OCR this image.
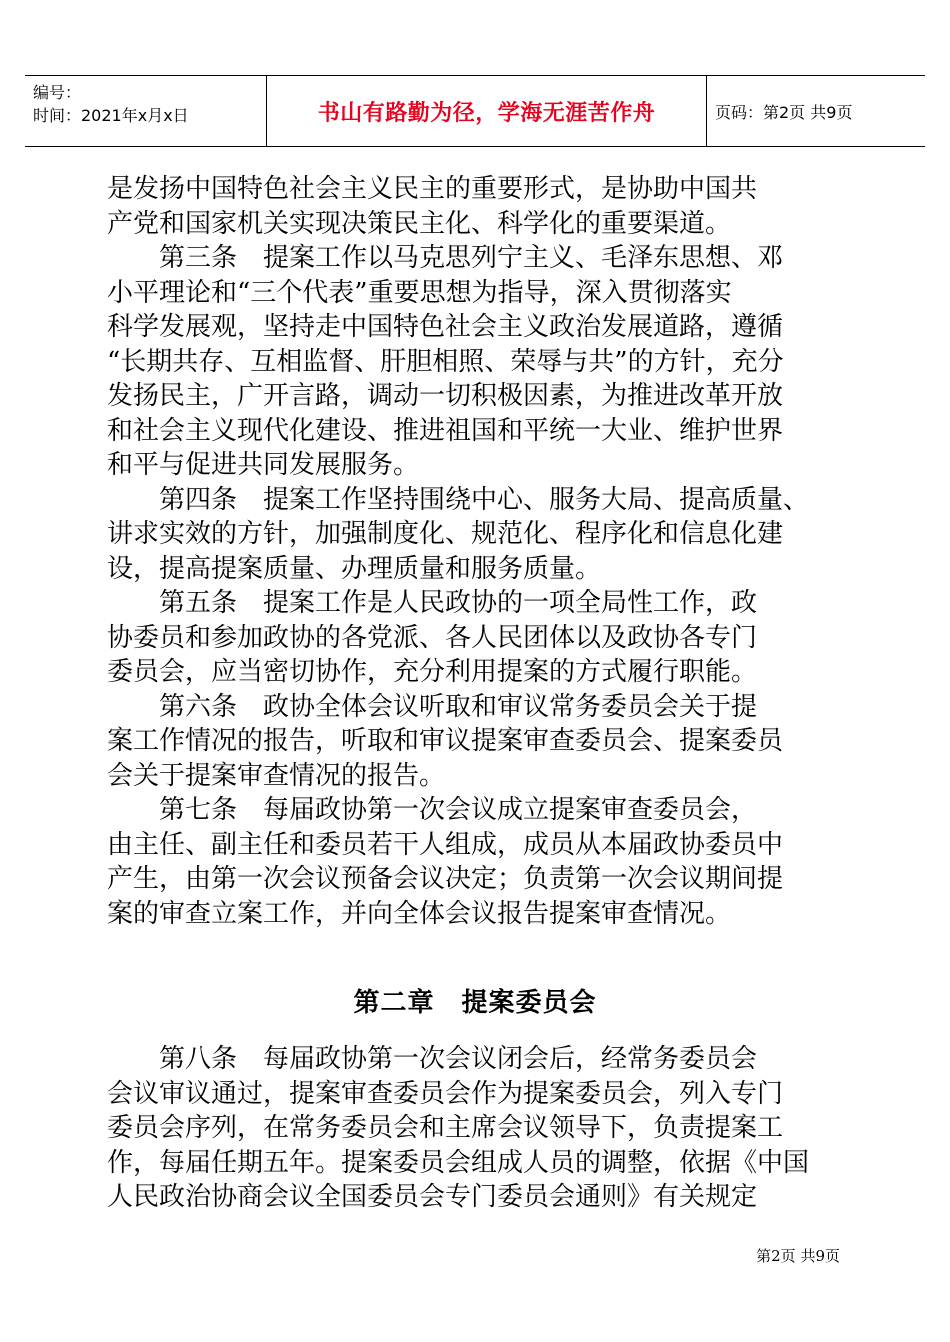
编号：
时间：2021年x月x日	书山有路勤为径，学海无涯苦作舟	页码：第2页 共9页
是发扬中国特色社会主义民主的重要形式，是协助中国共
产党和国家机关实现决策民主化、科学化的重要渠道。
　　第三条　提案工作以马克思列宁主义、毛泽东思想、邓
小平理论和“三个代表”重要思想为指导，深入贯彻落实
科学发展观，坚持走中国特色社会主义政治发展道路，遵循
“长期共存、互相监督、肝胆相照、荣辱与共”的方针，充分
发扬民主，广开言路，调动一切积极因素，为推进改革开放
和社会主义现代化建设、推进祖国和平统一大业、维护世界
和平与促进共同发展服务。
　　第四条　提案工作坚持围绕中心、服务大局、提高质量、
讲求实效的方针，加强制度化、规范化、程序化和信息化建
设，提高提案质量、办理质量和服务质量。
　　第五条　提案工作是人民政协的一项全局性工作，政
协委员和参加政协的各党派、各人民团体以及政协各专门
委员会，应当密切协作，充分利用提案的方式履行职能。
　　第六条　政协全体会议听取和审议常务委员会关于提
案工作情况的报告，听取和审议提案审查委员会、提案委员
会关于提案审查情况的报告。
　　第七条　每届政协第一次会议成立提案审查委员会，
由主任、副主任和委员若干人组成，成员从本届政协委员中
产生，由第一次会议预备会议决定；负责第一次会议期间提
案的审查立案工作，并向全体会议报告提案审查情况。
第二章　提案委员会
　　第八条　每届政协第一次会议闭会后，经常务委员会
会议审议通过，提案审查委员会作为提案委员会，列入专门
委员会序列，在常务委员会和主席会议领导下，负责提案工
作，每届任期五年。提案委员会组成人员的调整，依据《中国
人民政治协商会议全国委员会专门委员会通则》有关规定
第2页 共9页
